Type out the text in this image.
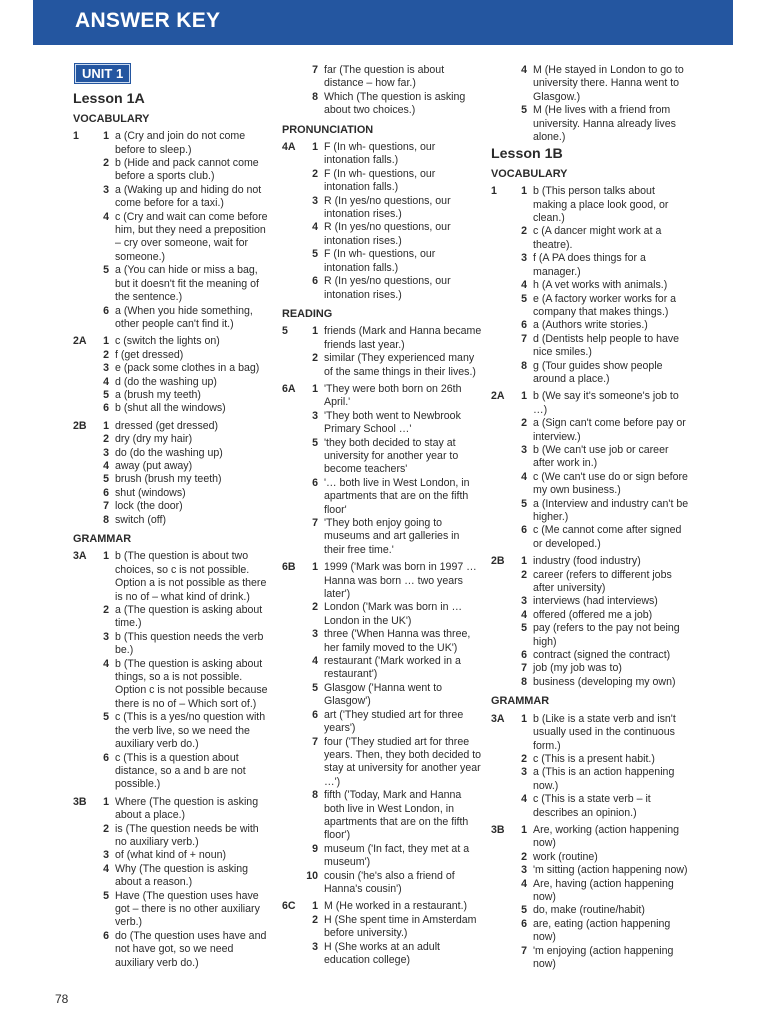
ANSWER KEY
UNIT 1
Lesson 1A
VOCABULARY
1	1 a (Cry and join do not come before to sleep.)
2 b (Hide and pack cannot come before a sports club.)
3 a (Waking up and hiding do not come before for a taxi.)
4 c (Cry and wait can come before him, but they need a preposition – cry over someone, wait for someone.)
5 a (You can hide or miss a bag, but it doesn't fit the meaning of the sentence.)
6 a (When you hide something, other people can't find it.)
2A	1 c (switch the lights on)
2 f (get dressed)
3 e (pack some clothes in a bag)
4 d (do the washing up)
5 a (brush my teeth)
6 b (shut all the windows)
2B	1 dressed (get dressed)
2 dry (dry my hair)
3 do (do the washing up)
4 away (put away)
5 brush (brush my teeth)
6 shut (windows)
7 lock (the door)
8 switch (off)
GRAMMAR
3A	1 b (The question is about two choices, so c is not possible. Option a is not possible as there is no of – what kind of drink.)
2 a (The question is asking about time.)
3 b (This question needs the verb be.)
4 b (The question is asking about things, so a is not possible. Option c is not possible because there is no of – Which sort of.)
5 c (This is a yes/no question with the verb live, so we need the auxiliary verb do.)
6 c (This is a question about distance, so a and b are not possible.)
3B	1 Where (The question is asking about a place.)
2 is (The question needs be with no auxiliary verb.)
3 of (what kind of + noun)
4 Why (The question is asking about a reason.)
5 Have (The question uses have got – there is no other auxiliary verb.)
6 do (The question uses have and not have got, so we need auxiliary verb do.)
7 far (The question is about distance – how far.)
8 Which (The question is asking about two choices.)
PRONUNCIATION
4A	1 F (In wh- questions, our intonation falls.)
2 F (In wh- questions, our intonation falls.)
3 R (In yes/no questions, our intonation rises.)
4 R (In yes/no questions, our intonation rises.)
5 F (In wh- questions, our intonation falls.)
6 R (In yes/no questions, our intonation rises.)
READING
5	1 friends (Mark and Hanna became friends last year.)
2 similar (They experienced many of the same things in their lives.)
6A	1 'They were both born on 26th April.'
3 'They both went to Newbrook Primary School …'
5 'they both decided to stay at university for another year to become teachers'
6 '… both live in West London, in apartments that are on the fifth floor'
7 'They both enjoy going to museums and art galleries in their free time.'
6B	1 1999 ('Mark was born in 1997 … Hanna was born … two years later')
2 London ('Mark was born in … London in the UK')
3 three ('When Hanna was three, her family moved to the UK')
4 restaurant ('Mark worked in a restaurant')
5 Glasgow ('Hanna went to Glasgow')
6 art ('They studied art for three years')
7 four ('They studied art for three years. Then, they both decided to stay at university for another year …')
8 fifth ('Today, Mark and Hanna both live in West London, in apartments that are on the fifth floor')
9 museum ('In fact, they met at a museum')
10 cousin ('he's also a friend of Hanna's cousin')
6C	1 M (He worked in a restaurant.)
2 H (She spent time in Amsterdam before university.)
3 H (She works at an adult education college)
4 M (He stayed in London to go to university there. Hanna went to Glasgow.)
5 M (He lives with a friend from university. Hanna already lives alone.)
Lesson 1B
VOCABULARY
1	1 b (This person talks about making a place look good, or clean.)
2 c (A dancer might work at a theatre).
3 f (A PA does things for a manager.)
4 h (A vet works with animals.)
5 e (A factory worker works for a company that makes things.)
6 a (Authors write stories.)
7 d (Dentists help people to have nice smiles.)
8 g (Tour guides show people around a place.)
2A	1 b (We say it's someone's job to …)
2 a (Sign can't come before pay or interview.)
3 b (We can't use job or career after work in.)
4 c (We can't use do or sign before my own business.)
5 a (Interview and industry can't be higher.)
6 c (Me cannot come after signed or developed.)
2B	1 industry (food industry)
2 career (refers to different jobs after university)
3 interviews (had interviews)
4 offered (offered me a job)
5 pay (refers to the pay not being high)
6 contract (signed the contract)
7 job (my job was to)
8 business (developing my own)
GRAMMAR
3A	1 b (Like is a state verb and isn't usually used in the continuous form.)
2 c (This is a present habit.)
3 a (This is an action happening now.)
4 c (This is a state verb – it describes an opinion.)
3B	1 Are, working (action happening now)
2 work (routine)
3 'm sitting (action happening now)
4 Are, having (action happening now)
5 do, make (routine/habit)
6 are, eating (action happening now)
7 'm enjoying (action happening now)
78
